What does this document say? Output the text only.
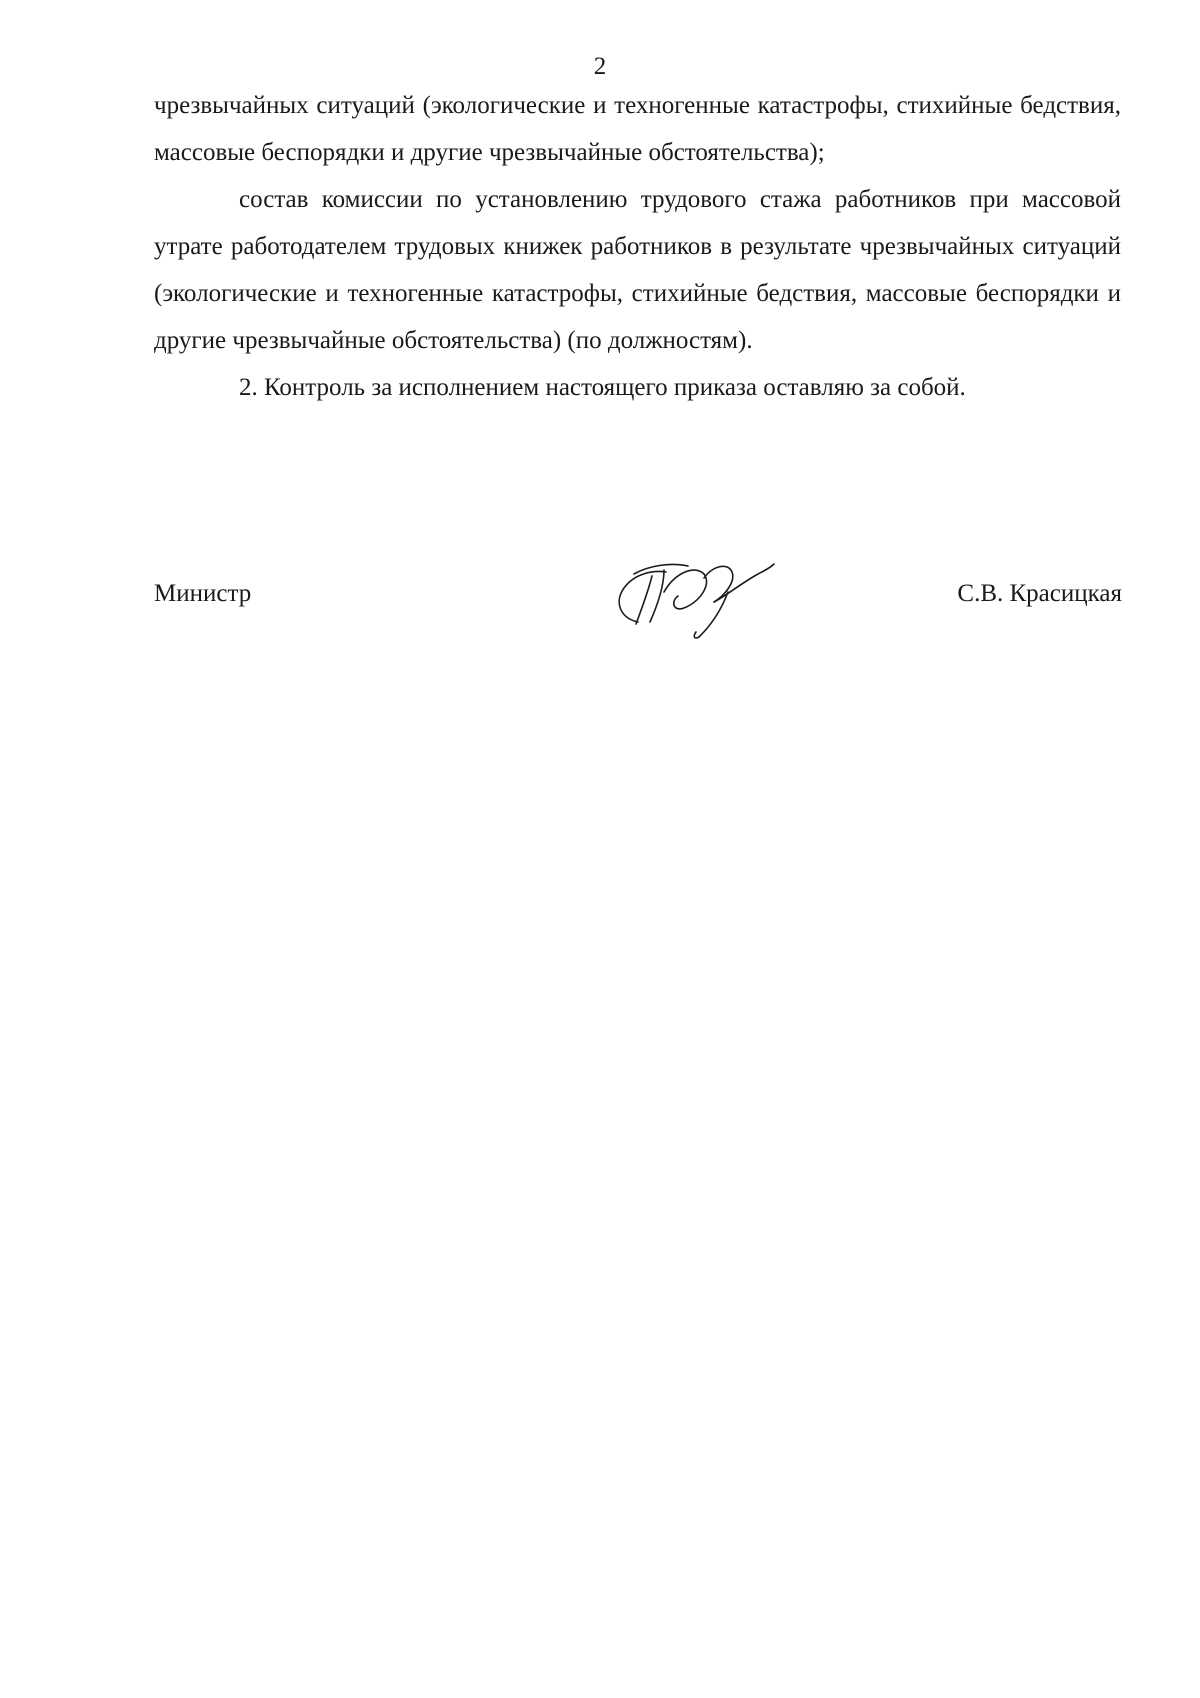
2

чрезвычайных ситуаций (экологические и техногенные катастрофы, стихийные бедствия, массовые беспорядки и другие чрезвычайные обстоятельства);

состав комиссии по установлению трудового стажа работников при массовой утрате работодателем трудовых книжек работников в результате чрезвычайных ситуаций (экологические и техногенные катастрофы, стихийные бедствия, массовые беспорядки и другие чрезвычайные обстоятельства) (по должностям).

2. Контроль за исполнением настоящего приказа оставляю за собой.

Министр	С.В. Красицкая
